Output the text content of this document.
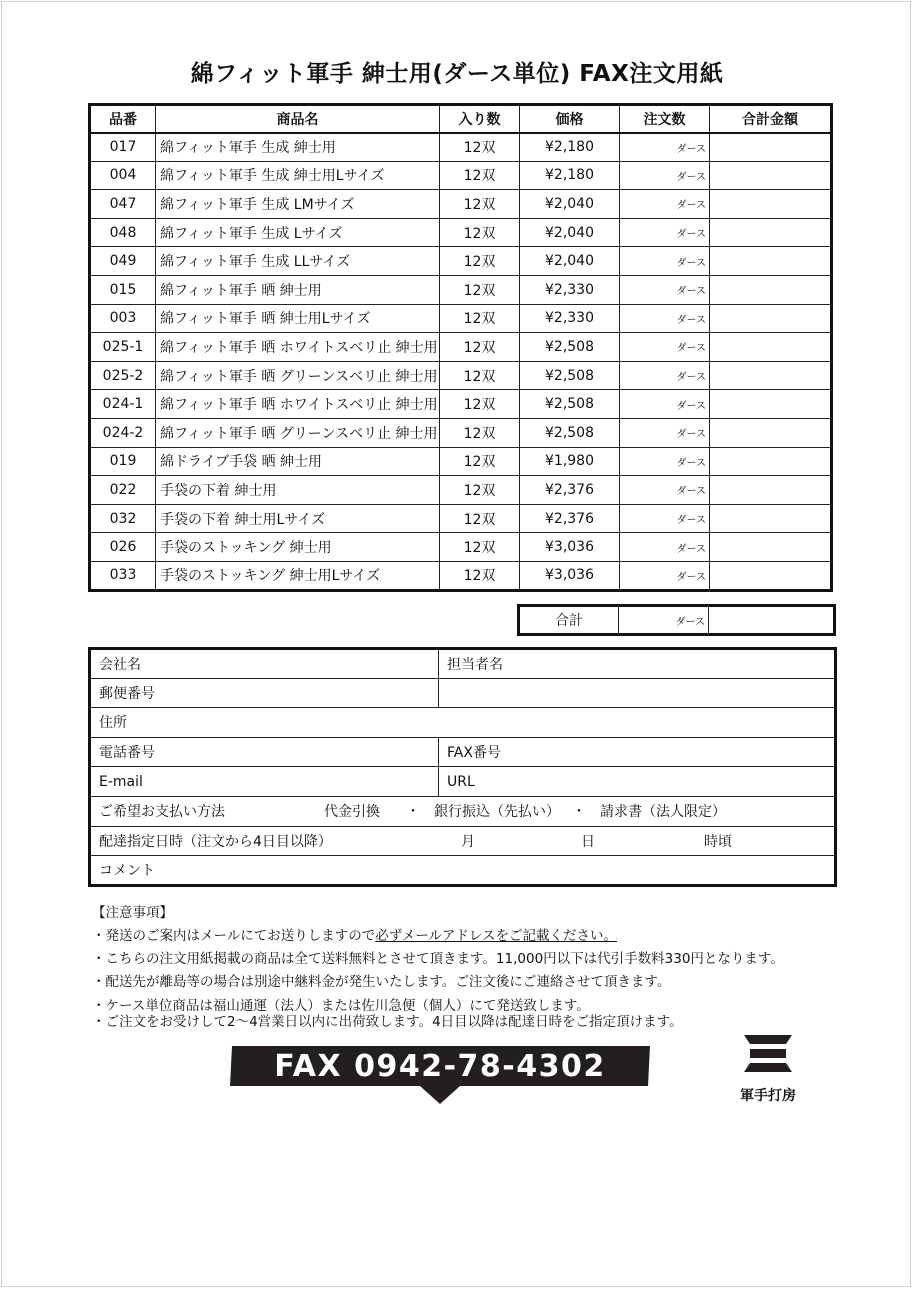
綿フィット軍手 紳士用(ダース単位) FAX注文用紙
品番	商品名	入り数	価格	注文数	合計金額
017	綿フィット軍手 生成 紳士用	12双	¥2,180	ダース	
004	綿フィット軍手 生成 紳士用Lサイズ	12双	¥2,180	ダース	
047	綿フィット軍手 生成 LMサイズ	12双	¥2,040	ダース	
048	綿フィット軍手 生成 Lサイズ	12双	¥2,040	ダース	
049	綿フィット軍手 生成 LLサイズ	12双	¥2,040	ダース	
015	綿フィット軍手 晒 紳士用	12双	¥2,330	ダース	
003	綿フィット軍手 晒 紳士用Lサイズ	12双	¥2,330	ダース	
025-1	綿フィット軍手 晒 ホワイトスベリ止 紳士用	12双	¥2,508	ダース	
025-2	綿フィット軍手 晒 グリーンスベリ止 紳士用	12双	¥2,508	ダース	
024-1	綿フィット軍手 晒 ホワイトスベリ止 紳士用	12双	¥2,508	ダース	
024-2	綿フィット軍手 晒 グリーンスベリ止 紳士用	12双	¥2,508	ダース	
019	綿ドライブ手袋 晒 紳士用	12双	¥1,980	ダース	
022	手袋の下着 紳士用	12双	¥2,376	ダース	
032	手袋の下着 紳士用Lサイズ	12双	¥2,376	ダース	
026	手袋のストッキング 紳士用	12双	¥3,036	ダース	
033	手袋のストッキング 紳士用Lサイズ	12双	¥3,036	ダース	
合計	ダース	
会社名	担当者名
郵便番号	
住所	
電話番号	FAX番号
E-mail	URL
ご希望お支払い方法 代金引換 ・ 銀行振込（先払い） ・ 請求書（法人限定）	
配達指定日時（注文から4日目以降） 月 日 時頃	
コメント	
【注意事項】
・発送のご案内はメールにてお送りしますので必ずメールアドレスをご記載ください。
・こちらの注文用紙掲載の商品は全て送料無料とさせて頂きます。11,000円以下は代引手数料330円となります。
・配送先が離島等の場合は別途中継料金が発生いたします。ご注文後にご連絡させて頂きます。
・ケース単位商品は福山通運（法人）または佐川急便（個人）にて発送致します。
・ご注文をお受けして2～4営業日以内に出荷致します。4日目以降は配達日時をご指定頂けます。
FAX 0942-78-4302
軍手打房
